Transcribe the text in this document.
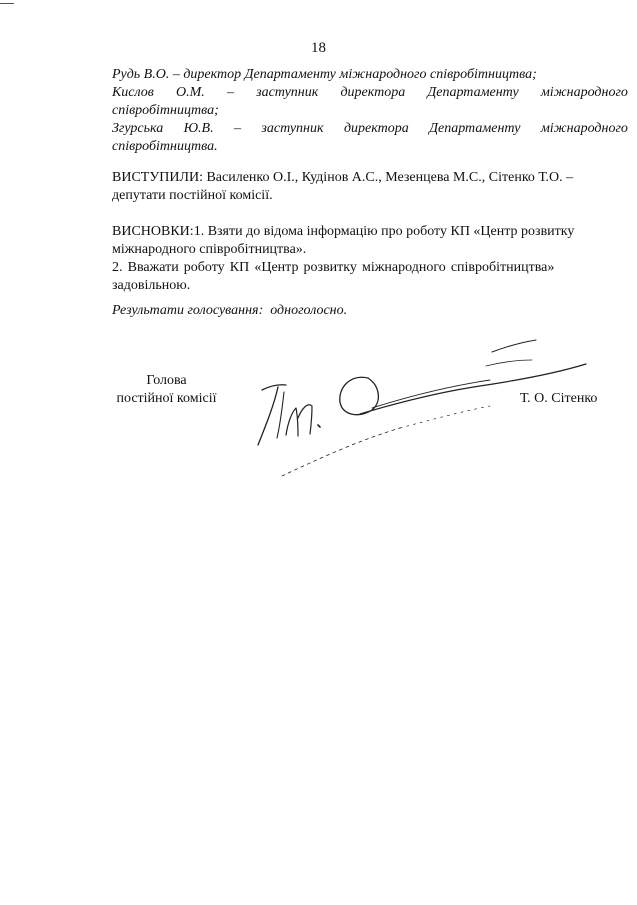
18
Рудь В.О. – директор Департаменту міжнародного співробітництва;
Кислов О.М. – заступник директора Департаменту міжнародного
співробітництва;
Згурська Ю.В. – заступник директора Департаменту міжнародного
співробітництва.
ВИСТУПИЛИ: Василенко О.І., Кудінов А.С., Мезенцева М.С., Сітенко Т.О. –
депутати постійної комісії.
ВИСНОВКИ:1. Взяти до відома інформацію про роботу КП «Центр розвитку
міжнародного співробітництва».
2. Вважати роботу КП «Центр розвитку міжнародного співробітництва»
задовільною.
Результати голосування: одноголосно.
Голова
постійної комісії	Т. О. Сітенко
